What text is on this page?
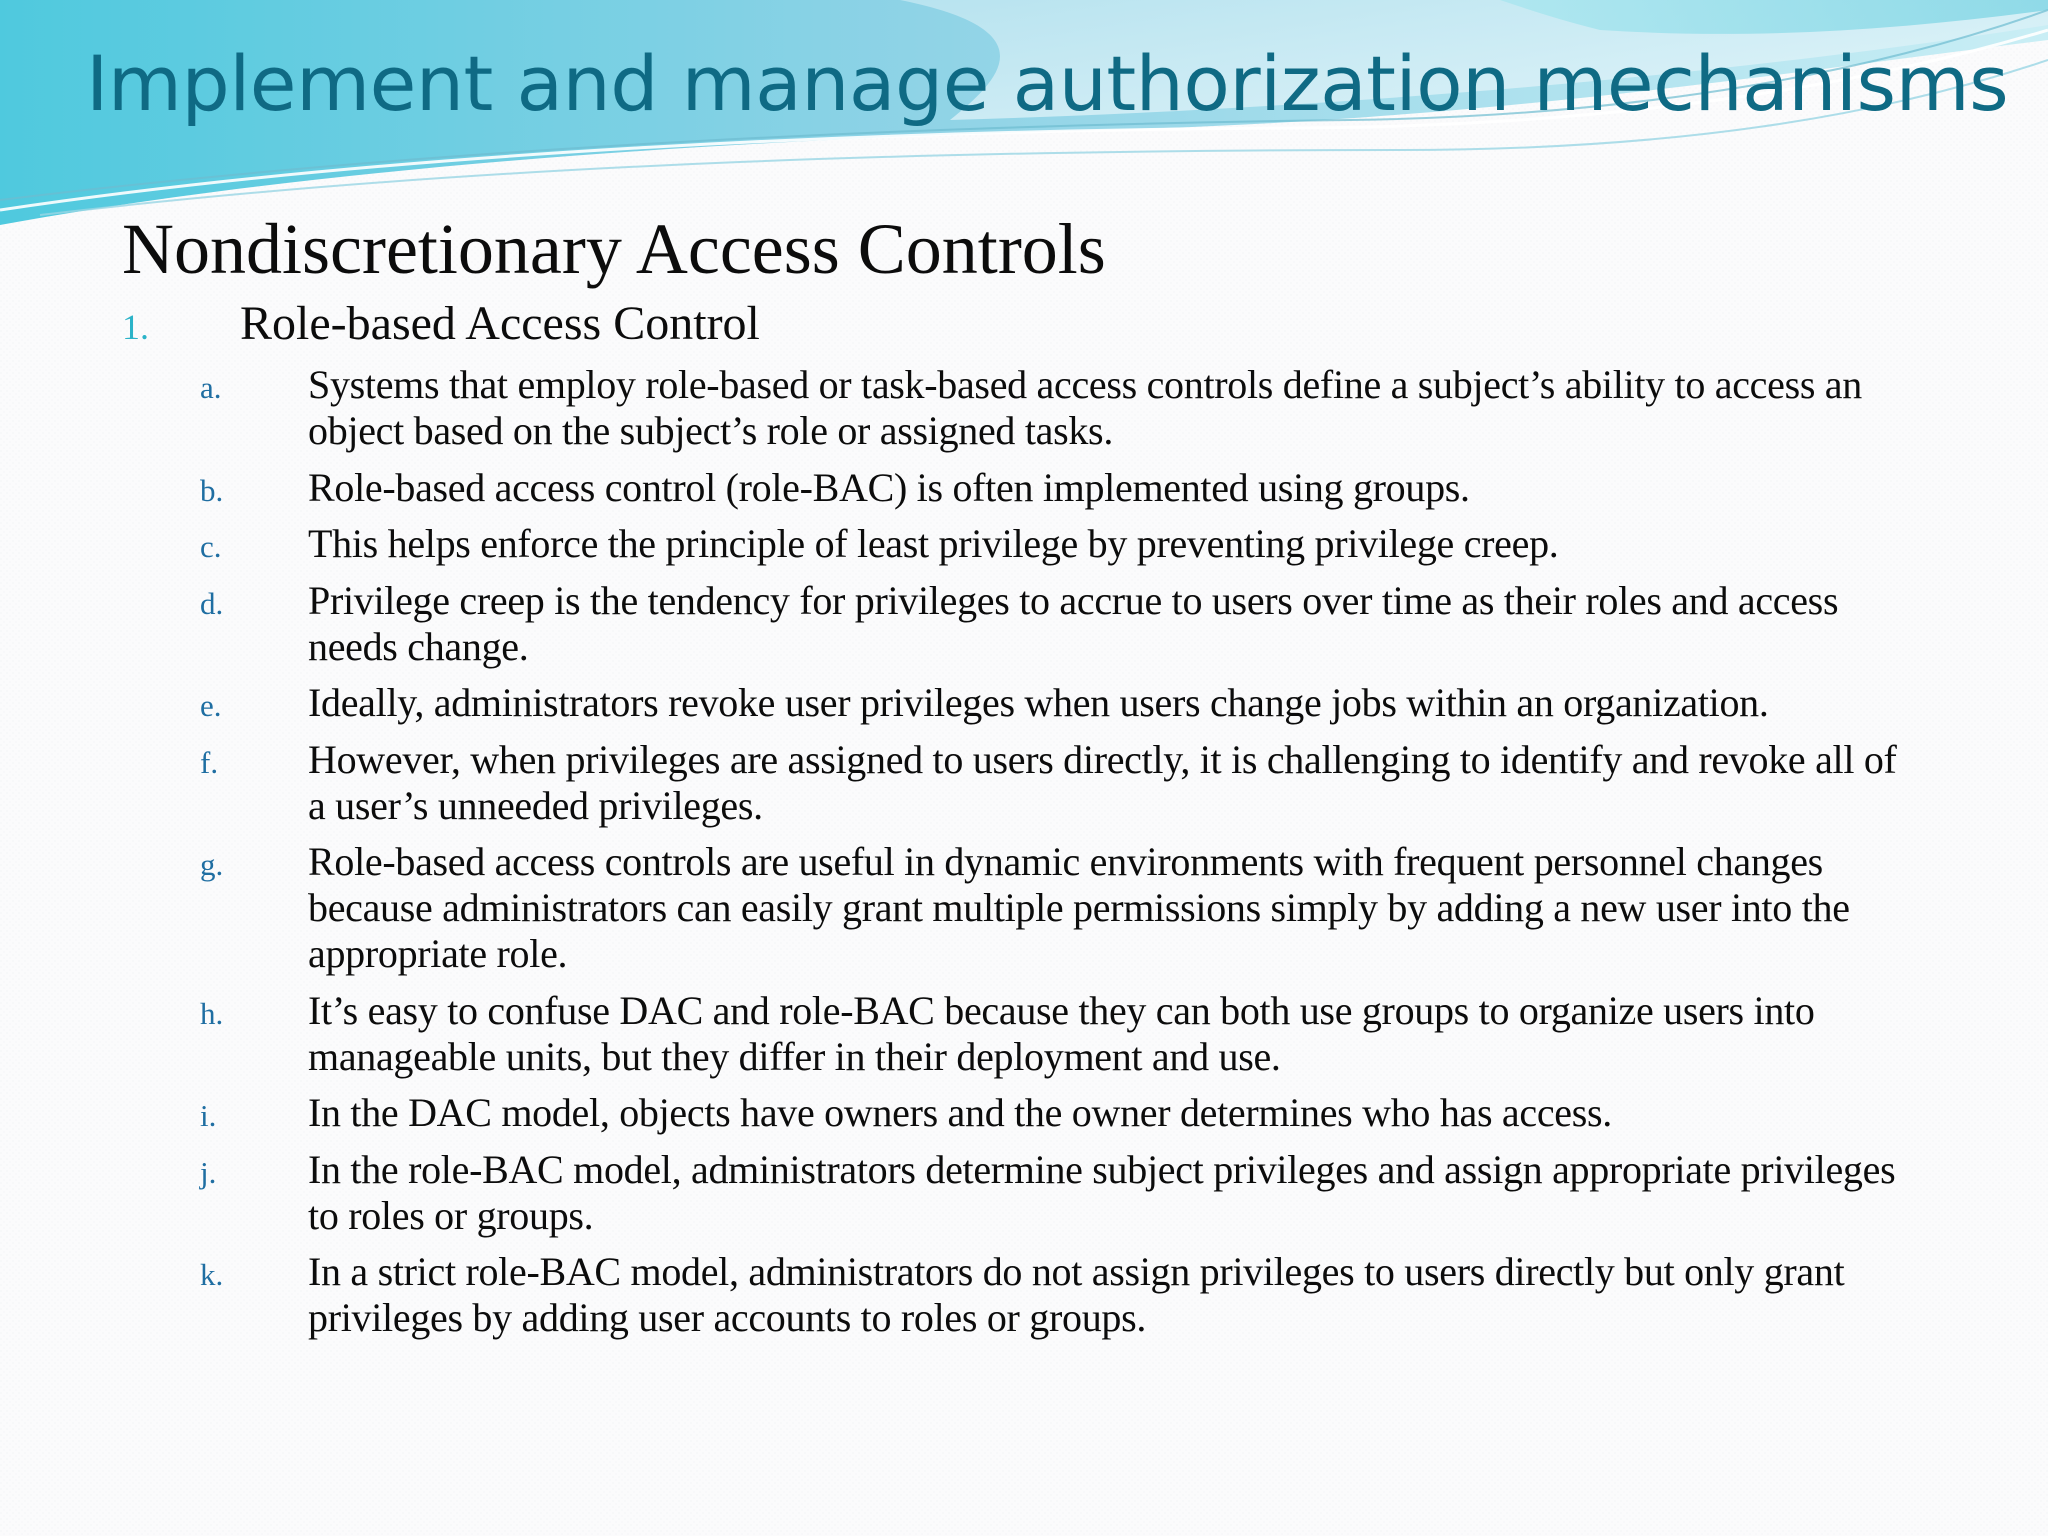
Implement and manage authorization mechanisms
Nondiscretionary Access Controls
1.	Role-based Access Control
a.	Systems that employ role-based or task-based access controls define a subject’s ability to access an object based on the subject’s role or assigned tasks.
b.	Role-based access control (role-BAC) is often implemented using groups.
c.	This helps enforce the principle of least privilege by preventing privilege creep.
d.	Privilege creep is the tendency for privileges to accrue to users over time as their roles and access needs change.
e.	Ideally, administrators revoke user privileges when users change jobs within an organization.
f.	However, when privileges are assigned to users directly, it is challenging to identify and revoke all of a user’s unneeded privileges.
g.	Role-based access controls are useful in dynamic environments with frequent personnel changes because administrators can easily grant multiple permissions simply by adding a new user into the appropriate role.
h.	It’s easy to confuse DAC and role-BAC because they can both use groups to organize users into manageable units, but they differ in their deployment and use.
i.	In the DAC model, objects have owners and the owner determines who has access.
j.	In the role-BAC model, administrators determine subject privileges and assign appropriate privileges to roles or groups.
k.	In a strict role-BAC model, administrators do not assign privileges to users directly but only grant privileges by adding user accounts to roles or groups.
